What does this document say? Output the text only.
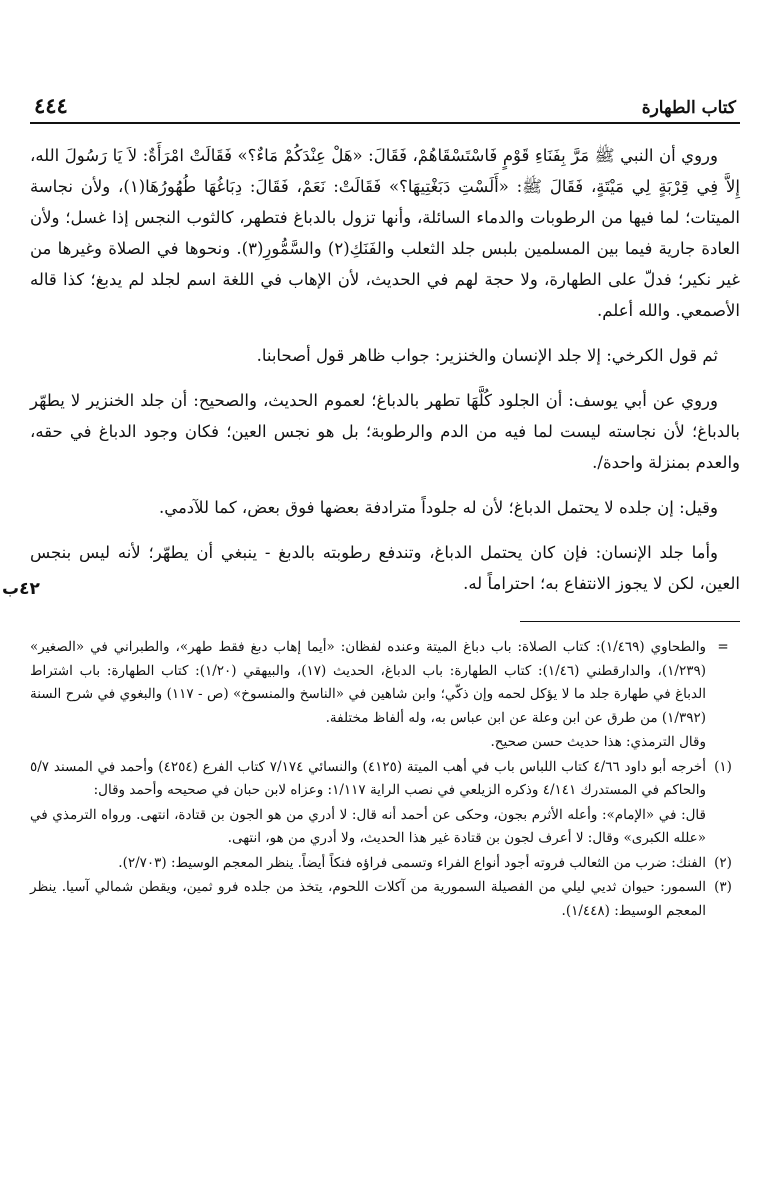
كتاب الطهارة
٤٤٤

وروي أن النبي ﷺ مَرَّ بِفَنَاءِ قَوْمٍ فَاسْتَسْقَاهُمْ، فَقَالَ: «هَلْ عِنْدَكُمْ مَاءٌ؟» فَقَالَتْ امْرَأَةٌ: لاَ يَا رَسُولَ الله، إِلاَّ فِي قِرْبَةٍ لِي مَيْتَةٍ، فَقَالَ ﷺ: «أَلَسْتِ دَبَغْتِيهَا؟» فَقَالَتْ: نَعَمْ، فَقَالَ: دِبَاغُهَا طُهُورُهَا(١)، ولأن نجاسة الميتات؛ لما فيها من الرطوبات والدماء السائلة، وأنها تزول بالدباغ فتطهر، كالثوب النجس إذا غسل؛ ولأن العادة جارية فيما بين المسلمين بلبس جلد الثعلب والفَنَكِ(٢) والسَّمُّورِ(٣). ونحوها في الصلاة وغيرها من غير نكير؛ فدلّ على الطهارة، ولا حجة لهم في الحديث، لأن الإهاب في اللغة اسم لجلد لم يدبغ؛ كذا قاله الأصمعي. والله أعلم.

ثم قول الكرخي: إلا جلد الإنسان والخنزير: جواب ظاهر قول أصحابنا.

وروي عن أبي يوسف: أن الجلود كُلَّهَا تطهر بالدباغ؛ لعموم الحديث، والصحيح: أن جلد الخنزير لا يطهّر بالدباغ؛ لأن نجاسته ليست لما فيه من الدم والرطوبة؛ بل هو نجس العين؛ فكان وجود الدباغ في حقه، والعدم بمنزلة واحدة/.

٤٢ب

وقيل: إن جلده لا يحتمل الدباغ؛ لأن له جلوداً مترادفة بعضها فوق بعض، كما للآدمي.

وأما جلد الإنسان: فإن كان يحتمل الدباغ، وتندفع رطوبته بالدبغ - ينبغي أن يطهّر؛ لأنه ليس بنجس العين، لكن لا يجوز الانتفاع به؛ احتراماً له.

=
والطحاوي (١/٤٦٩): كتاب الصلاة: باب دباغ الميتة وعنده لفظان: «أيما إهاب دبغ فقط طهر»، والطبراني في «الصغير» (١/٢٣٩)، والدارقطني (١/٤٦): كتاب الطهارة: باب الدباغ، الحديث (١٧)، والبيهقي (١/٢٠): كتاب الطهارة: باب اشتراط الدباغ في طهارة جلد ما لا يؤكل لحمه وإن ذكّي؛ وابن شاهين في «الناسخ والمنسوخ» (ص - ١١٧) والبغوي في شرح السنة (١/٣٩٢) من طرق عن ابن وعلة عن ابن عباس به، وله ألفاظ مختلفة.
وقال الترمذي: هذا حديث حسن صحيح.
(١)
أخرجه أبو داود ٤/٦٦ كتاب اللباس باب في أهب الميتة (٤١٢٥) والنسائي ٧/١٧٤ كتاب الفرع (٤٢٥٤) وأحمد في المسند ٥/٧ والحاكم في المستدرك ٤/١٤١ وذكره الزيلعي في نصب الراية ١/١١٧: وعزاه لابن حبان في صحيحه وأحمد وقال:
قال: في «الإمام»: وأعله الأثرم بجون، وحكى عن أحمد أنه قال: لا أدري من هو الجون بن قتادة، انتهى. ورواه الترمذي في «علله الكبرى» وقال: لا أعرف لجون بن قتادة غير هذا الحديث، ولا أدري من هو، انتهى.
(٢)
الفنك: ضرب من الثعالب فروته أجود أنواع الفراء وتسمى فراؤه فنكاً أيضاً. ينظر المعجم الوسيط: (٢/٧٠٣).
(٣)
السمور: حيوان ثديي ليلي من الفصيلة السمورية من آكلات اللحوم، يتخذ من جلده فرو ثمين، ويقطن شمالي آسيا. ينظر المعجم الوسيط: (١/٤٤٨).
